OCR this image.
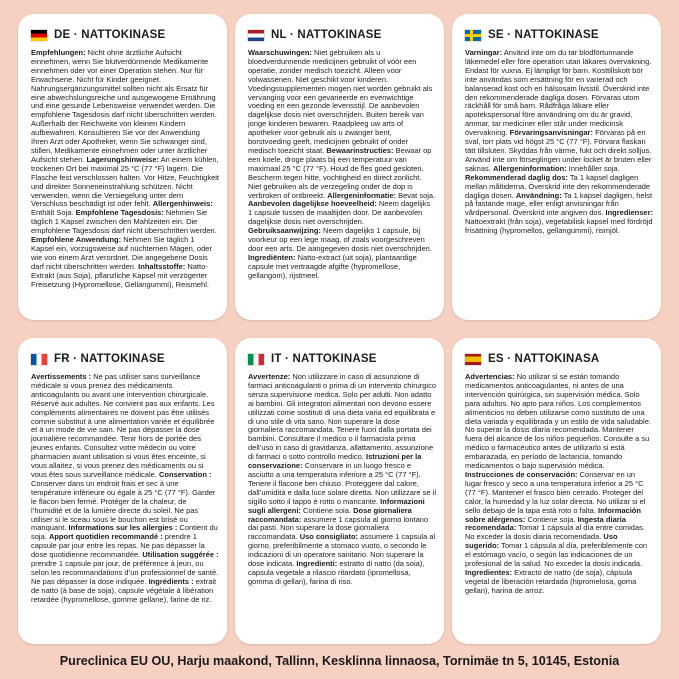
DE · NATTOKINASE
Empfehlungen: Nicht ohne ärztliche Aufsicht einnehmen, wenn Sie blutverdünnende Medikamente einnehmen oder vor einer Operation stehen. Nur für Erwachsene. Nicht für Kinder geeignet. Nahrungsergänzungsmittel sollten nicht als Ersatz für eine abwechslungsreiche und ausgewogene Ernährung und eine gesunde Lebensweise verwendet werden. Die empfohlene Tagesdosis darf nicht überschritten werden. Außerhalb der Reichweite von kleinen Kindern aufbewahren. Konsultieren Sie vor der Anwendung Ihren Arzt oder Apotheker, wenn Sie schwanger sind, stillen, Medikamente einnehmen oder unter ärztlicher Aufsicht stehen. Lagerungshinweise: An einem kühlen, trockenen Ort bei maximal 25 °C (77 °F) lagern. Die Flasche fest verschlossen halten. Vor Hitze, Feuchtigkeit und direkter Sonneneinstrahlung schützen. Nicht verwenden, wenn die Versiegelung unter dem Verschluss beschädigt ist oder fehlt. Allergenhinweis: Enthält Soja. Empfohlene Tagesdosis: Nehmen Sie täglich 1 Kapsel zwischen den Mahlzeiten ein. Die empfohlene Tagesdosis darf nicht überschritten werden. Empfohlene Anwendung: Nehmen Sie täglich 1 Kapsel ein, vorzugsweise auf nüchternen Magen, oder wie von einem Arzt verordnet. Die angegebene Dosis darf nicht überschritten werden. Inhaltsstoffe: Natto-Extrakt (aus Soja), pflanzliche Kapsel mit verzögerter Freisetzung (Hypromellose, Gellangummi), Reismehl.
NL · NATTOKINASE
Waarschuwingen: Niet gebruiken als u bloedverdunnende medicijnen gebruikt of vóór een operatie, zonder medisch toezicht. Alleen voor volwassenen. Niet geschikt voor kinderen. Voedingssupplementen mogen niet worden gebruikt als vervanging voor een gevarieerde en evenwichtige voeding en een gezonde levensstijl. De aanbevolen dagelijkse dosis niet overschrijden. Buiten bereik van jonge kinderen bewaren. Raadpleeg uw arts of apotheker voor gebruik als u zwanger bent, borstvoeding geeft, medicijnen gebruikt of onder medisch toezicht staat. Bewaarinstructies: Bewaar op een koele, droge plaats bij een temperatuur van maximaal 25 °C (77 °F). Houd de fles goed gesloten. Bescherm tegen hitte, vochtigheid en direct zonlicht. Niet gebruiken als de verzegeling onder de dop is verbroken of ontbreekt. Allergeninformatie: Bevat soja. Aanbevolen dagelijkse hoeveelheid: Neem dagelijks 1 capsule tussen de maaltijden door. De aanbevolen dagelijkse dosis niet overschrijden. Gebruiksaanwijzing: Neem dagelijks 1 capsule, bij voorkeur op een lege maag, of zoals voorgeschreven door een arts. De aangegeven dosis niet overschrijden. Ingrediënten: Natto-extract (uit soja), plantaardige capsule met vertraagde afgifte (hypromellose, gellangom), rijstmeel.
SE · NATTOKINASE
Varningar: Använd inte om du tar blodförtunnande läkemedel eller före operation utan läkares övervakning. Endast för vuxna. Ej lämpligt för barn. Kosttillskott bör inte användas som ersättning för en varierad och balanserad kost och en hälsosam livsstil. Överskrid inte den rekommenderade dagliga dosen. Förvaras utom räckhåll för små barn. Rådfråga läkare eller apotekspersonal före användning om du är gravid, ammar, tar mediciner eller står under medicinsk övervakning. Förvaringsanvisningar: Förvaras på en sval, torr plats vid högst 25 °C (77 °F). Förvara flaskan tätt tillsluten. Skyddas från värme, fukt och direkt solljus. Använd inte om förseglingen under locket är bruten eller saknas. Allergeninformation: Innehåller soja. Rekommenderad daglig dos: Ta 1 kapsel dagligen mellan måltiderna. Överskrid inte den rekommenderade dagliga dosen. Användning: Ta 1 kapsel dagligen, helst på fastande mage, eller enligt anvisningar från vårdpersonal. Överskrid inte angiven dos. Ingredienser: Nattoextrakt (från soja), vegetabilisk kapsel med fördröjd frisättning (hypromellos, gellangummi), rismjöl.
FR · NATTOKINASE
Avertissements : Ne pas utiliser sans surveillance médicale si vous prenez des médicaments anticoagulants ou avant une intervention chirurgicale. Réservé aux adultes. Ne convient pas aux enfants. Les compléments alimentaires ne doivent pas être utilisés comme substitut à une alimentation variée et équilibrée et à un mode de vie sain. Ne pas dépasser la dose journalière recommandée. Tenir hors de portée des jeunes enfants. Consultez votre médecin ou votre pharmacien avant utilisation si vous êtes enceinte, si vous allaitez, si vous prenez des médicaments ou si vous êtes sous surveillance médicale. Conservation : Conserver dans un endroit frais et sec à une température inférieure ou égale à 25 °C (77 °F). Garder le flacon bien fermé. Protéger de la chaleur, de l’humidité et de la lumière directe du soleil. Ne pas utiliser si le sceau sous le bouchon est brisé ou manquant. Informations sur les allergies : Contient du soja. Apport quotidien recommandé : prendre 1 capsule par jour entre les repas. Ne pas dépasser la dose quotidienne recommandée. Utilisation suggérée : prendre 1 capsule par jour, de préférence à jeun, ou selon les recommandations d’un professionnel de santé. Ne pas dépasser la dose indiquée. Ingrédients : extrait de natto (à base de soja), capsule végétale à libération retardée (hypromellose, gomme gellane), farine de riz.
IT · NATTOKINASE
Avvertenze: Non utilizzare in caso di assunzione di farmaci anticoagulanti o prima di un intervento chirurgico senza supervisione medica. Solo per adulti. Non adatto ai bambini. Gli integratori alimentari non devono essere utilizzati come sostituti di una dieta varia ed equilibrata e di uno stile di vita sano. Non superare la dose giornaliera raccomandata. Tenere fuori dalla portata dei bambini. Consultare il medico o il farmacista prima dell’uso in caso di gravidanza, allattamento, assunzione di farmaci o sotto controllo medico. Istruzioni per la conservazione: Conservare in un luogo fresco e asciutto a una temperatura inferiore a 25 °C (77 °F). Tenere il flacone ben chiuso. Proteggere dal calore, dall’umidità e dalla luce solare diretta. Non utilizzare se il sigillo sotto il tappo è rotto o mancante. Informazioni sugli allergeni: Contiene soia. Dose giornaliera raccomandata: assumere 1 capsula al giorno lontano dai pasti. Non superare la dose giornaliera raccomandata. Uso consigliato: assumere 1 capsula al giorno, preferibilmente a stomaco vuoto, o secondo le indicazioni di un operatore sanitario. Non superare la dose indicata. Ingredienti: estratto di natto (da soia), capsula vegetale a rilascio ritardato (ipromellosa, gomma di gellan), farina di riso.
ES · NATTOKINASA
Advertencias: No utilizar si se están tomando medicamentos anticoagulantes, ni antes de una intervención quirúrgica, sin supervisión médica. Solo para adultos. No apto para niños. Los complementos alimenticios no deben utilizarse como sustituto de una dieta variada y equilibrada y un estilo de vida saludable. No superar la dosis diaria recomendada. Mantener fuera del alcance de los niños pequeños. Consulte a su médico o farmacéutico antes de utilizarlo si está embarazada, en período de lactancia, tomando medicamentos o bajo supervisión médica. Instrucciones de conservación: Conservar en un lugar fresco y seco a una temperatura inferior a 25 °C (77 °F). Mantener el frasco bien cerrado. Proteger del calor, la humedad y la luz solar directa. No utilizar si el sello debajo de la tapa está roto o falta. Información sobre alérgenos: Contiene soja. Ingesta diaria recomendada: Tomar 1 cápsula al día entre comidas. No exceder la dosis diaria recomendada. Uso sugerido: Tomar 1 cápsula al día, preferiblemente con el estómago vacío, o según las indicaciones de un profesional de la salud. No exceder la dosis indicada. Ingredientes: Extracto de natto (de soja), cápsula vegetal de liberación retardada (hipromelosa, goma gellan), harina de arroz.
Pureclinica EU OU, Harju maakond, Tallinn, Kesklinna linnaosa, Tornimäe tn 5, 10145, Estonia
